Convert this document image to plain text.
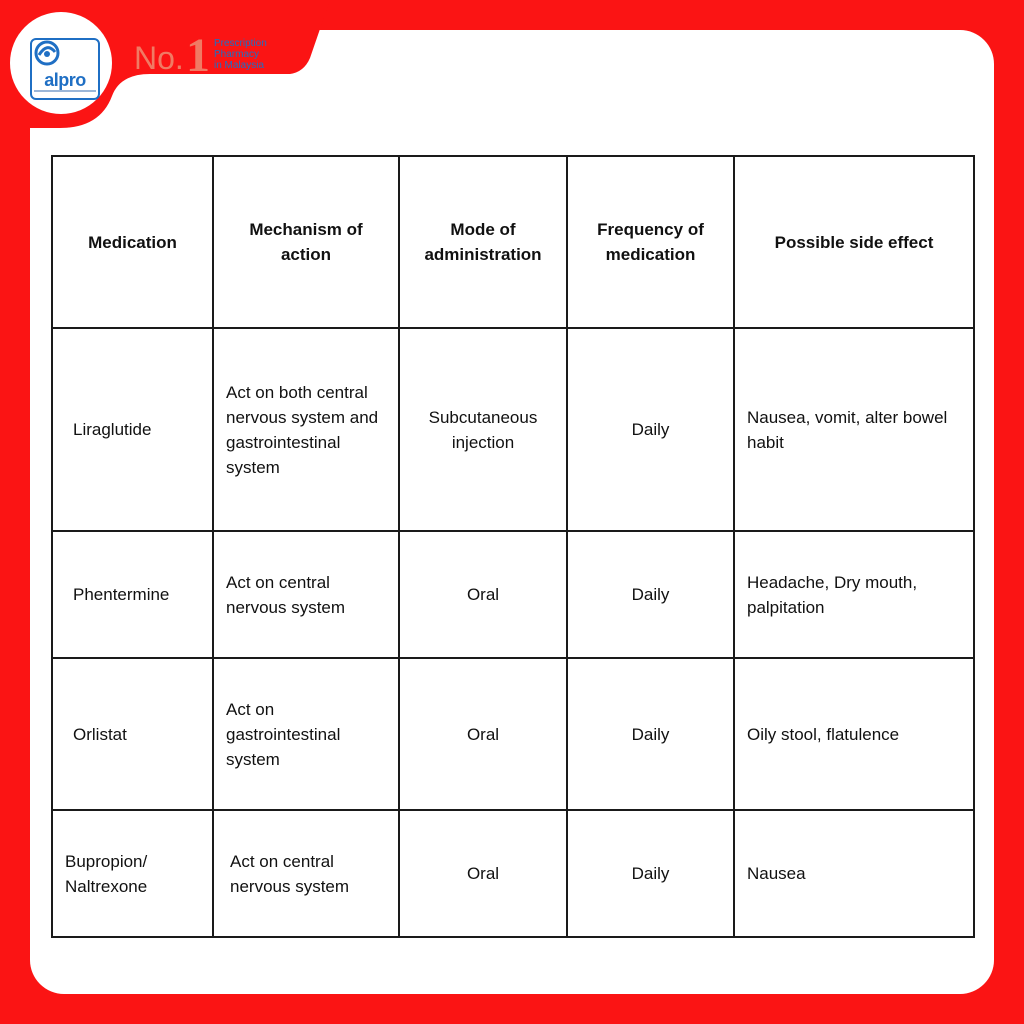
alpro
No. 1 Prescription
Pharmacy
in Malaysia
Medication	Mechanism of action	Mode of administration	Frequency of medication	Possible side effect
Liraglutide	Act on both central nervous system and gastrointestinal system	Subcutaneous injection	Daily	Nausea, vomit, alter bowel habit
Phentermine	Act on central nervous system	Oral	Daily	Headache, Dry mouth, palpitation
Orlistat	Act on gastrointestinal system	Oral	Daily	Oily stool, flatulence
Bupropion/ Naltrexone	Act on central nervous system	Oral	Daily	Nausea
